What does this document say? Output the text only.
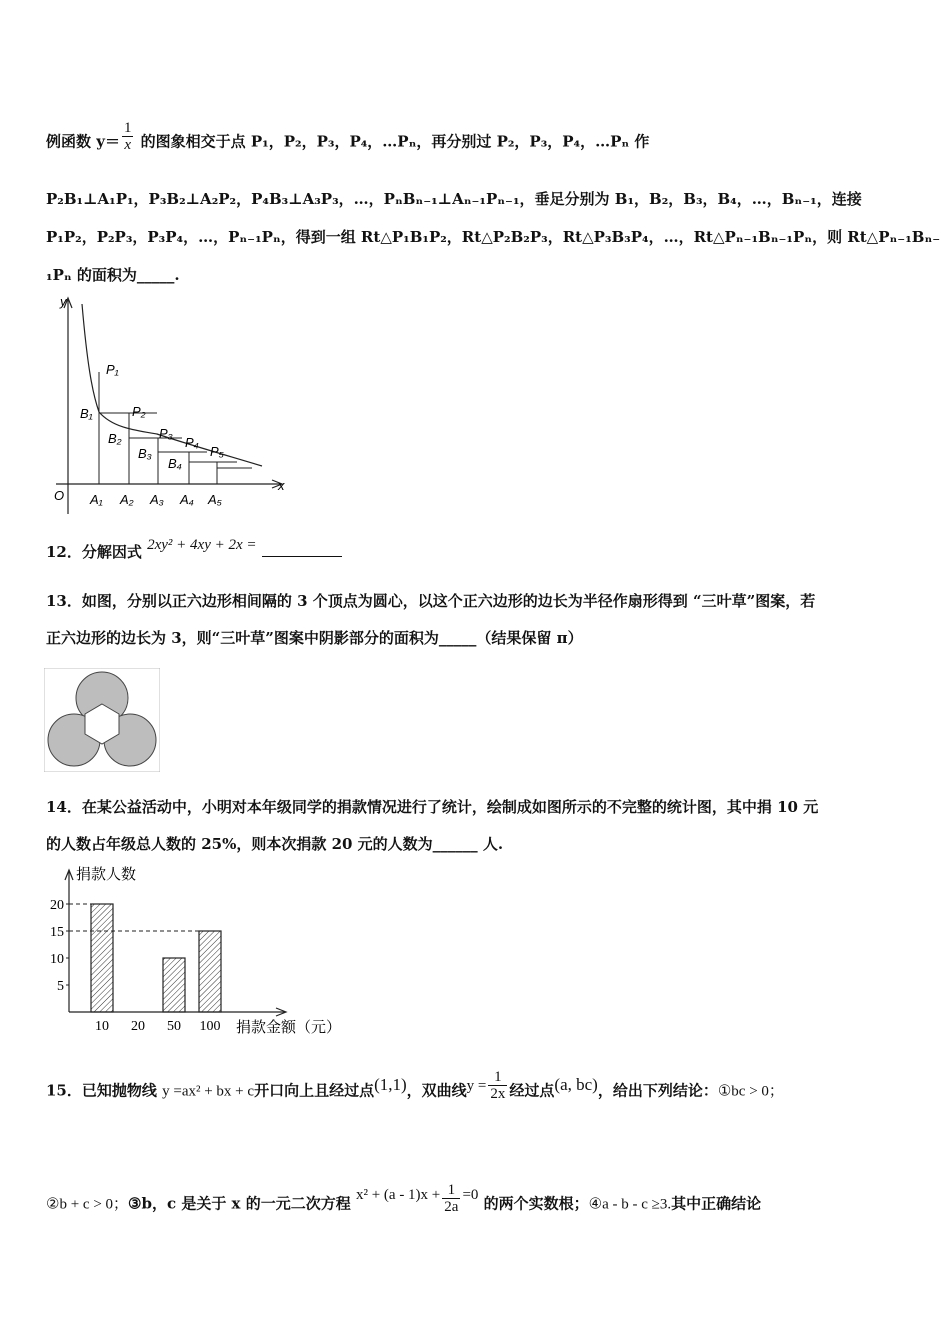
例函数 $y= \frac{1}{x}$ 的图象相交于点 P₁，P₂，P₃，P₄，…Pₙ，再分别过 P₂，P₃，P₄，…Pₙ 作
P₂B₁⊥A₁P₁，P₃B₂⊥A₂P₂，P₄B₃⊥A₃P₃，…，PₙBₙ₋₁⊥Aₙ₋₁Pₙ₋₁，垂足分别为 B₁，B₂，B₃，B₄，…，Bₙ₋₁，连接
P₁P₂，P₂P₃，P₃P₄，…，Pₙ₋₁Pₙ，得到一组 Rt△P₁B₁P₂，Rt△P₂B₂P₃，Rt△P₃B₃P₄，…，Rt△Pₙ₋₁Bₙ₋₁Pₙ，则 Rt△Pₙ₋₁Bₙ₋
₁Pₙ 的面积为_____.
y
x
O
P₁
P₂
P₃
P₄
P₅
B₁
B₂
B₃
B₄
A₁ A₂ A₃ A₄ A₅
12．分解因式 2xy² + 4xy + 2x =
13．如图，分别以正六边形相间隔的 3 个顶点为圆心，以这个正六边形的边长为半径作扇形得到 “三叶草”图案，若
正六边形的边长为 3，则“三叶草”图案中阴影部分的面积为_____（结果保留 π）
14．在某公益活动中，小明对本年级同学的捐款情况进行了统计，绘制成如图所示的不完整的统计图，其中捐 10 元
的人数占年级总人数的 25%，则本次捐款 20 元的人数为______ 人.
捐款人数
捐款金额（元）
5
10
15
20
10 20 50 100
15．已知抛物线 y =ax² + bx + c开口向上且经过点(1,1)，双曲线$y = \frac{1}{2x}$ 经过点(a, bc)，给出下列结论：①bc > 0；
②b + c > 0；③b，c 是关于 x 的一元二次方程 $x^2 + (a - 1)x + \frac{1}{2a} =0$ 的两个实数根；④a - b - c ≥3.其中正确结论
